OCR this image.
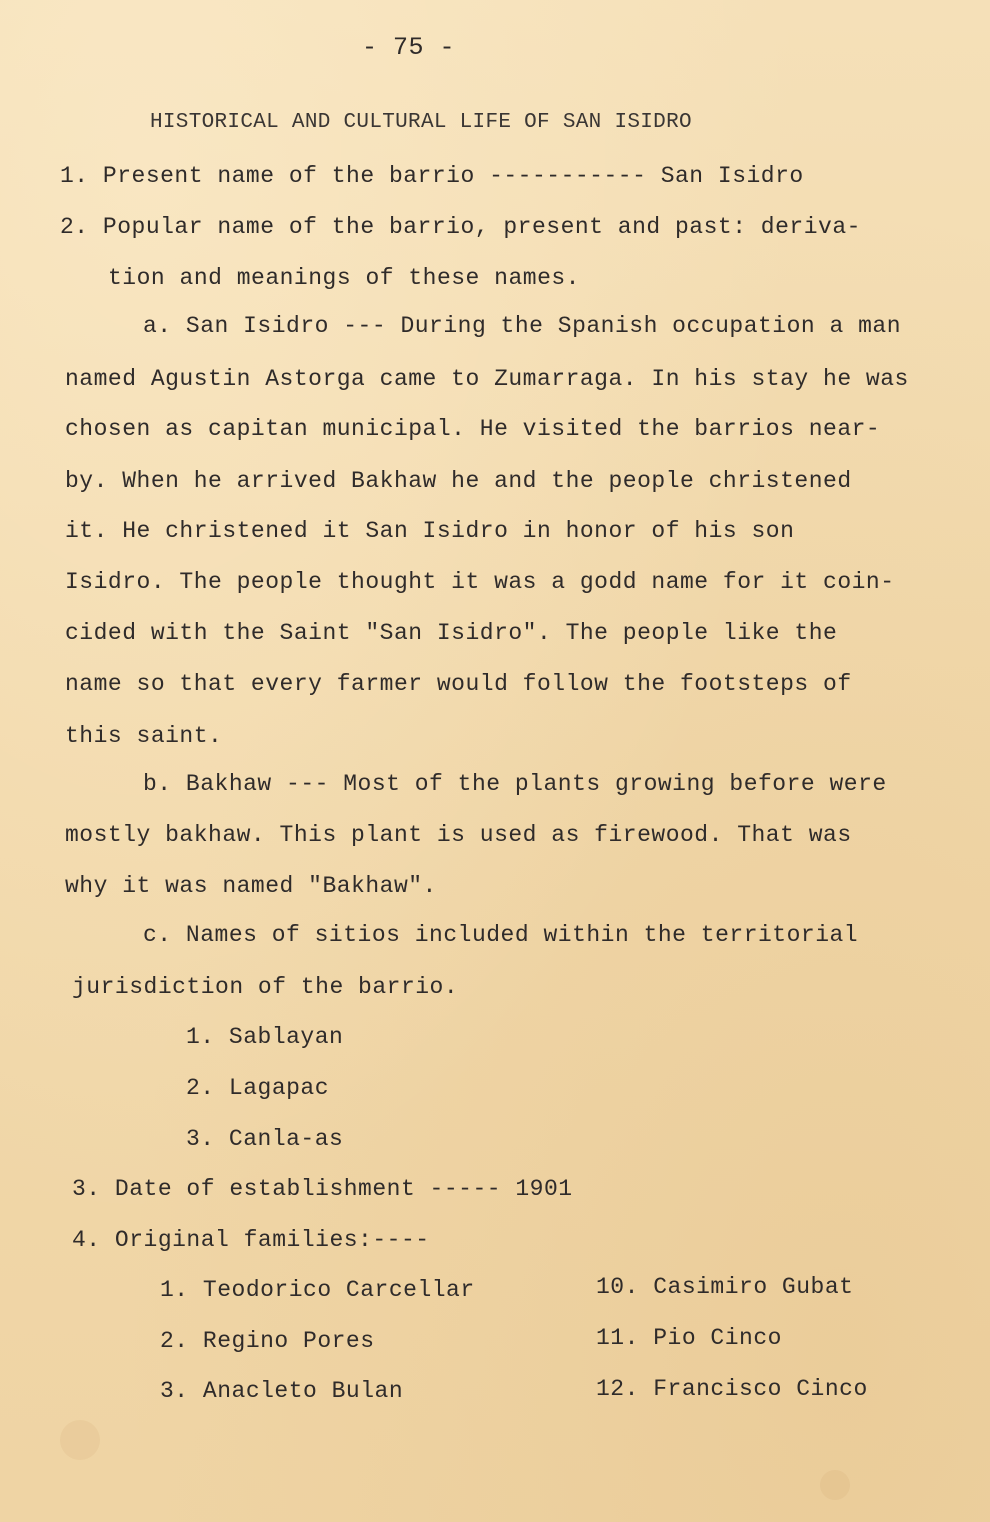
- 75 -
HISTORICAL AND CULTURAL LIFE OF SAN ISIDRO
1. Present name of the barrio ----------- San Isidro
2. Popular name of the barrio, present and past: deriva-
tion and meanings of these names.
a. San Isidro --- During the Spanish occupation a man
named Agustin Astorga came to Zumarraga. In his stay he was
chosen as capitan municipal. He visited the barrios near-
by. When he arrived Bakhaw he and the people christened
it. He christened it San Isidro in honor of his son
Isidro. The people thought it was a godd name for it coin-
cided with the Saint "San Isidro". The people like the
name so that every farmer would follow the footsteps of
this saint.
b. Bakhaw --- Most of the plants growing before were
mostly bakhaw. This plant is used as firewood. That was
why it was named "Bakhaw".
c. Names of sitios included within the territorial
jurisdiction of the barrio.
1. Sablayan
2. Lagapac
3. Canla-as
3. Date of establishment ----- 1901
4. Original families:----
1. Teodorico Carcellar
2. Regino Pores
3. Anacleto Bulan
10. Casimiro Gubat
11. Pio Cinco
12. Francisco Cinco
